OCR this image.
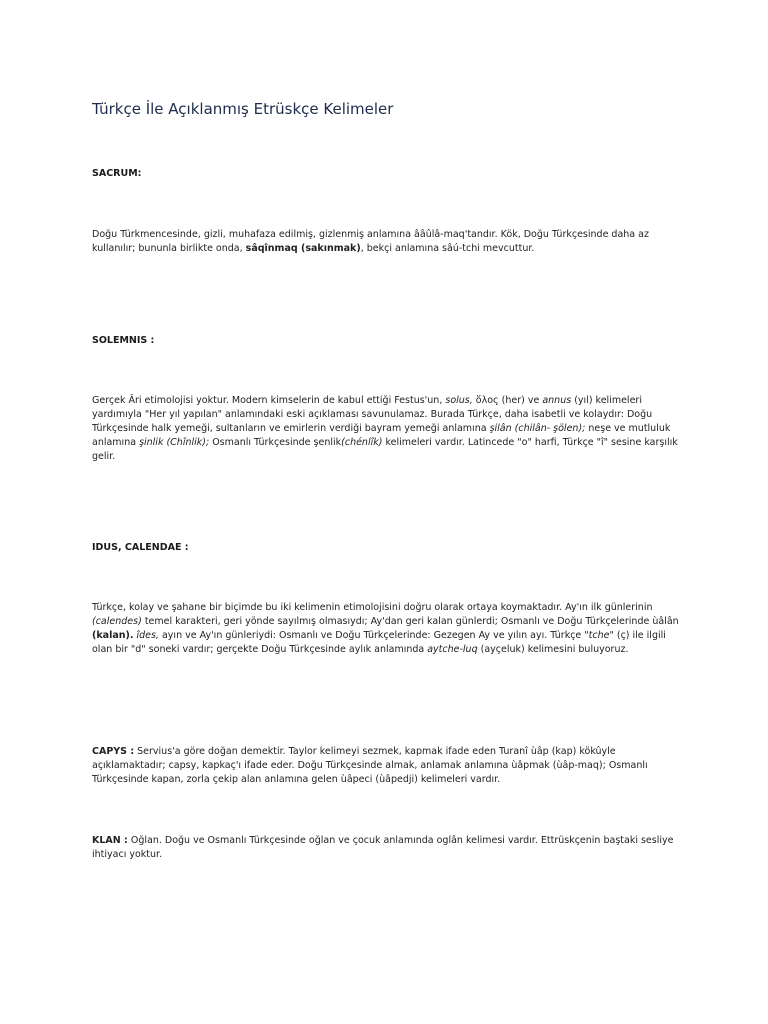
Türkçe İle Açıklanmış Etrüskçe Kelimeler
SACRUM:

Doğu Türkmencesinde, gizli, muhafaza edilmiş, gizlenmiş anlamına ââûlâ-maq'tandır. Kök, Doğu Türkçesinde daha az kullanılır; bununla birlikte onda, sâqînmaq (sakınmak), bekçi anlamına sâú-tchi mevcuttur.

SOLEMNIS :

Gerçek Âri etimolojisi yoktur. Modern kimselerin de kabul ettiği Festus'un, solus, ὅλος (her) ve annus (yıl) kelimeleri yardımıyla "Her yıl yapılan" anlamındaki eski açıklaması savunulamaz. Burada Türkçe, daha isabetli ve kolaydır: Doğu Türkçesinde halk yemeği, sultanların ve emirlerin verdiği bayram yemeği anlamına şilân (chilân- şölen); neşe ve mutluluk anlamına şinlik (Chînlik); Osmanlı Türkçesinde şenlik(chénlîk) kelimeleri vardır. Latincede "o" harfi, Türkçe "î" sesine karşılık gelir.

IDUS, CALENDAE :

Türkçe, kolay ve şahane bir biçimde bu iki kelimenin etimolojisini doğru olarak ortaya koymaktadır. Ay'ın ilk günlerinin (calendes) temel karakteri, geri yönde sayılmış olmasıydı; Ay'dan geri kalan günlerdi; Osmanlı ve Doğu Türkçelerinde ùâlân (kalan). îdes, ayın ve Ay'ın günleriydi: Osmanlı ve Doğu Türkçelerinde: Gezegen Ay ve yılın ayı. Türkçe "tche" (ç) ile ilgili olan bir "d" soneki vardır; gerçekte Doğu Türkçesinde aylık anlamında aytche-luq (ayçeluk) kelimesini buluyoruz.

CAPYS : Servius'a göre doğan demektir. Taylor kelimeyi sezmek, kapmak ifade eden Turanî ùâp (kap) kökûyle açıklamaktadır; capsy, kapkaç'ı ifade eder. Doğu Türkçesinde almak, anlamak anlamına ùâpmak (ùâp-maq); Osmanlı Türkçesinde kapan, zorla çekip alan anlamına gelen ùâpeci (ùâpedji) kelimeleri vardır.

KLAN : Oğlan. Doğu ve Osmanlı Türkçesinde oğlan ve çocuk anlamında oglân kelimesi vardır. Ettrüskçenin baştaki sesliye ihtiyacı yoktur.
